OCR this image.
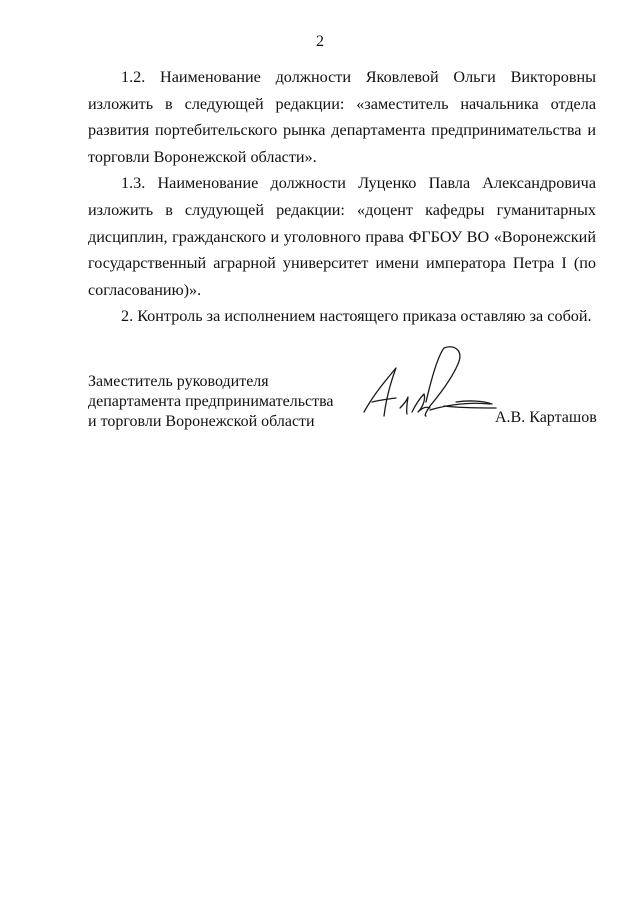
2

1.2. Наименование должности Яковлевой Ольги Викторовны изложить в следующей редакции: «заместитель начальника отдела развития портебительского рынка департамента предпринимательства и торговли Воронежской области».

1.3. Наименование должности Луценко Павла Александровича изложить в слудующей редакции: «доцент кафедры гуманитарных дисциплин, гражданского и уголовного права ФГБОУ ВО «Воронежский государственный аграрной университет имени императора Петра I (по согласованию)».

2. Контроль за исполнением настоящего приказа оставляю за собой.

Заместитель руководителя
департамента предпринимательства
и торговли Воронежской области	А.В. Карташов
